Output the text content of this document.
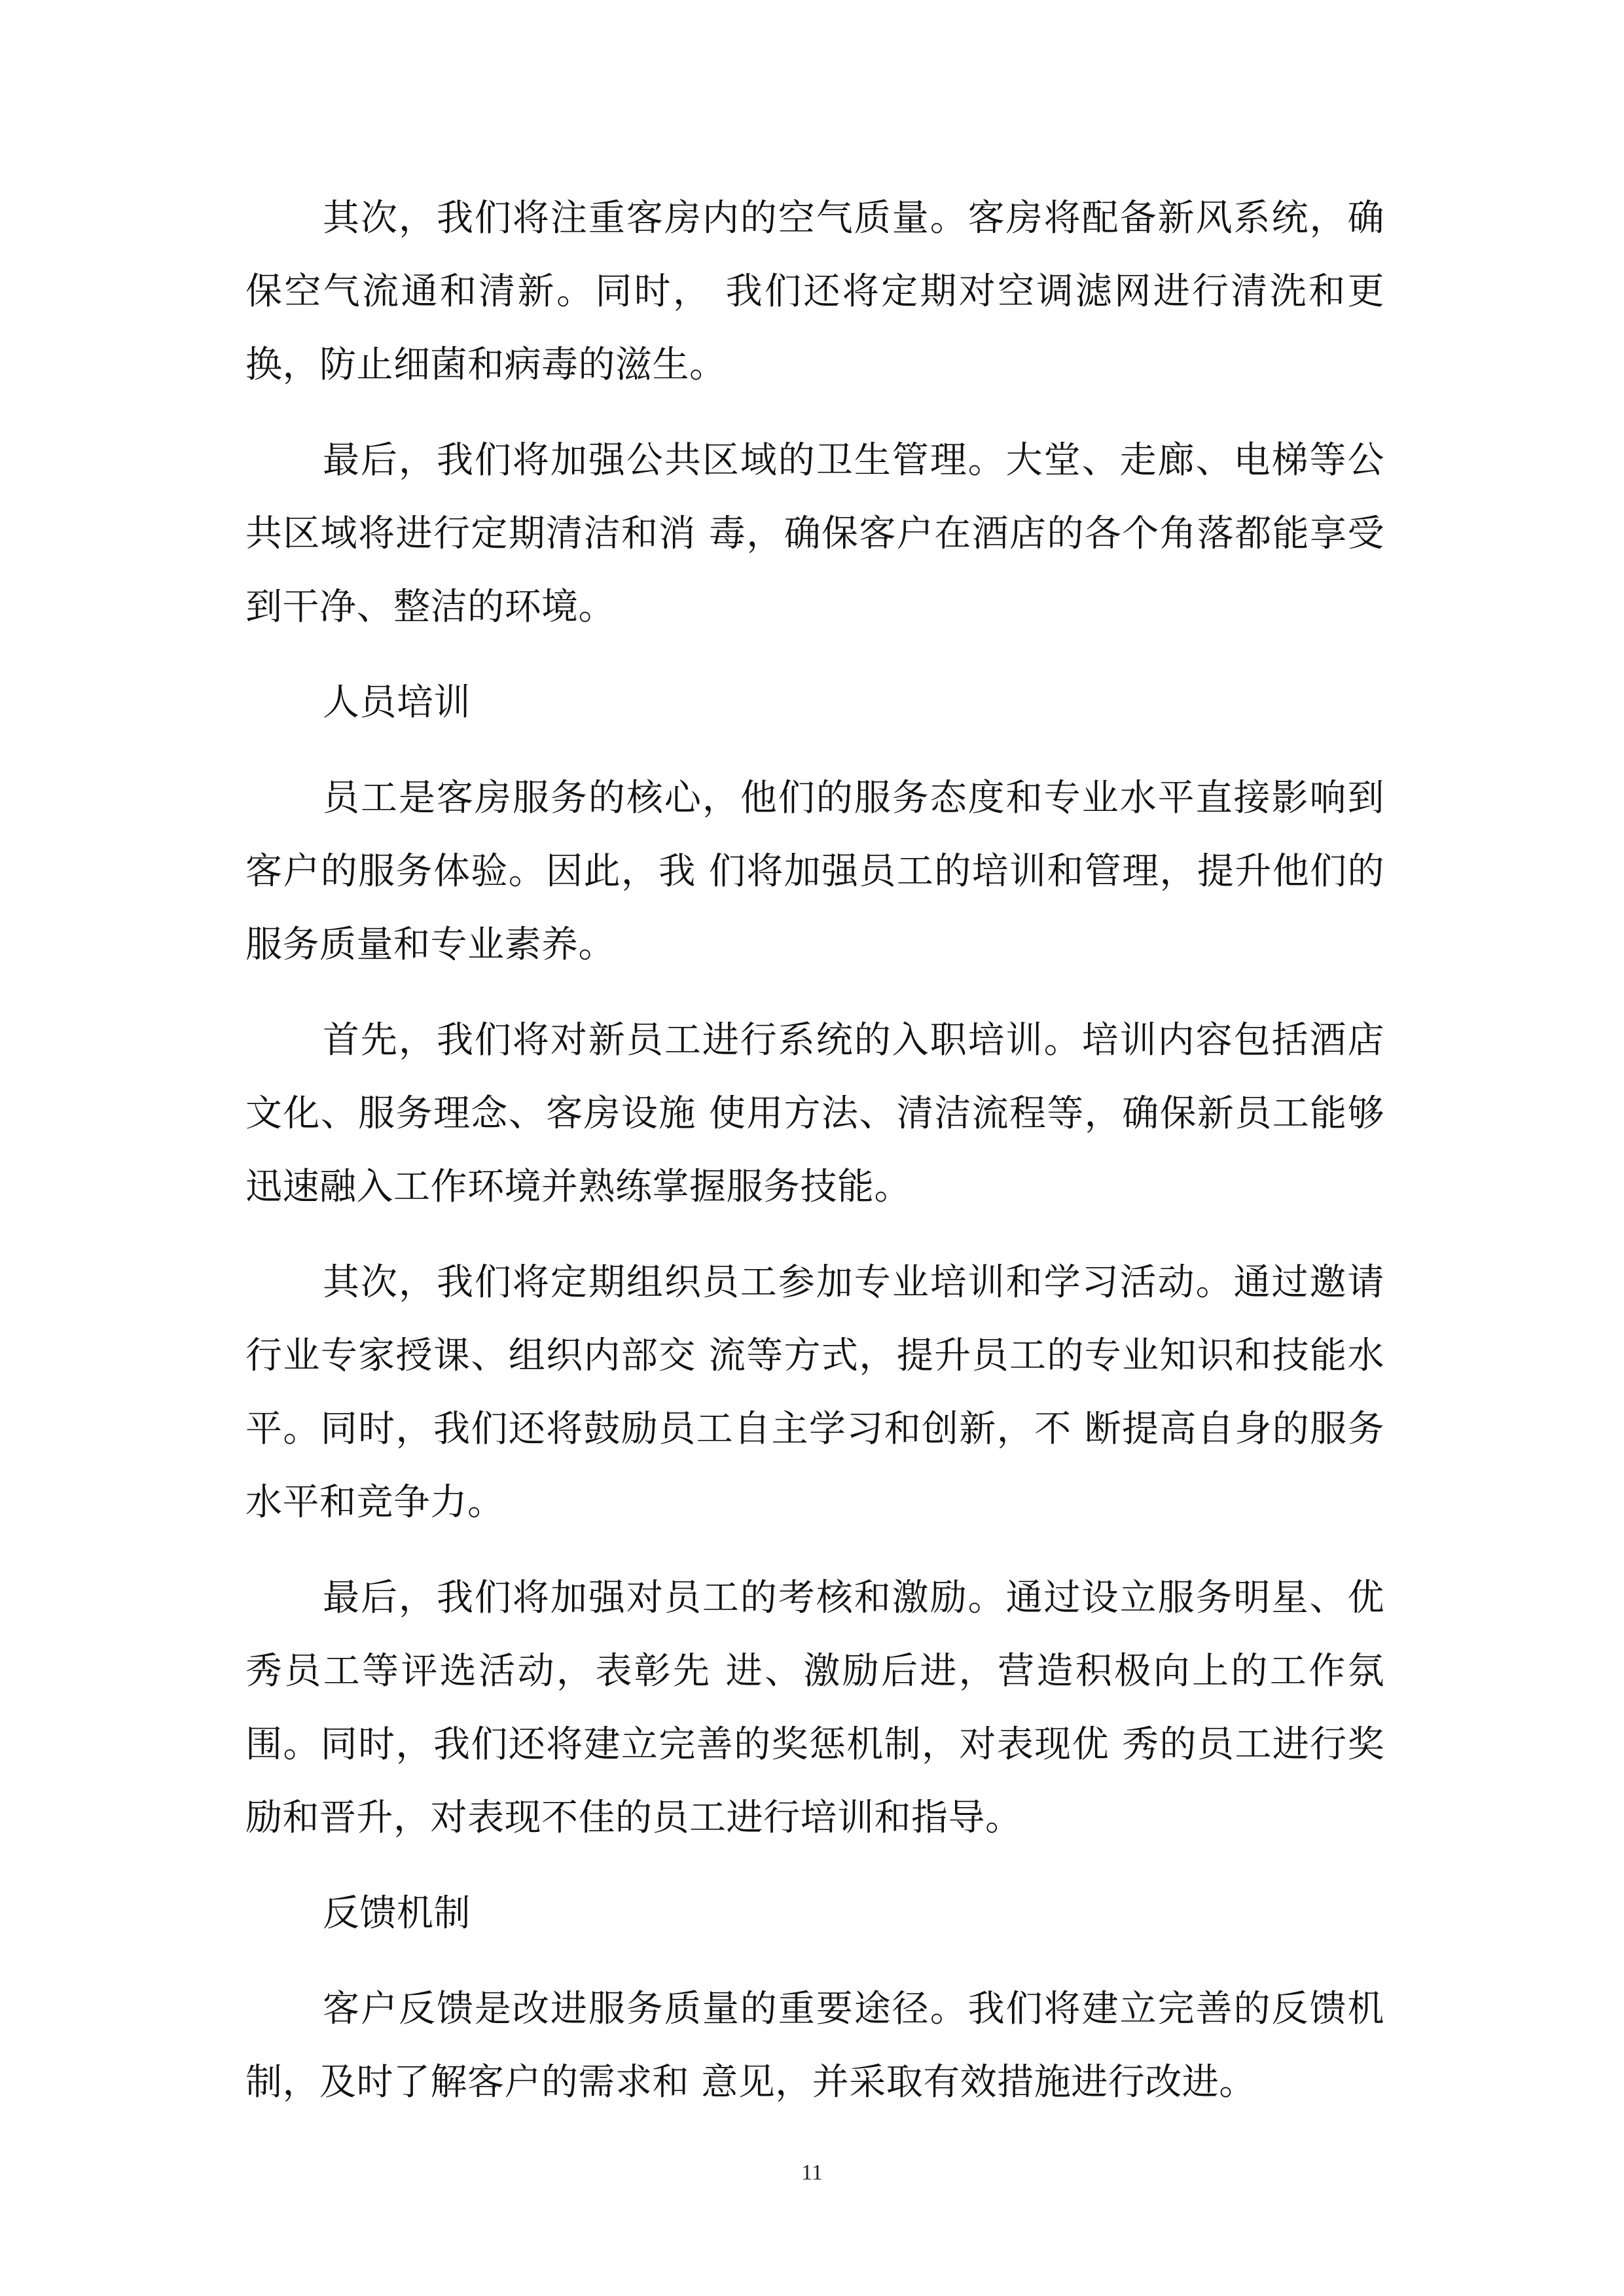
其次，我们将注重客房内的空气质量。客房将配备新风系统，确保空气流通和清新。同时， 我们还将定期对空调滤网进行清洗和更换，防止细菌和病毒的滋生。

最后，我们将加强公共区域的卫生管理。大堂、走廊、电梯等公共区域将进行定期清洁和消 毒，确保客户在酒店的各个角落都能享受到干净、整洁的环境。

人员培训

员工是客房服务的核心，他们的服务态度和专业水平直接影响到客户的服务体验。因此，我 们将加强员工的培训和管理，提升他们的服务质量和专业素养。

首先，我们将对新员工进行系统的入职培训。培训内容包括酒店文化、服务理念、客房设施 使用方法、清洁流程等，确保新员工能够迅速融入工作环境并熟练掌握服务技能。

其次，我们将定期组织员工参加专业培训和学习活动。通过邀请行业专家授课、组织内部交 流等方式，提升员工的专业知识和技能水平。同时，我们还将鼓励员工自主学习和创新，不 断提高自身的服务水平和竞争力。

最后，我们将加强对员工的考核和激励。通过设立服务明星、优秀员工等评选活动，表彰先 进、激励后进，营造积极向上的工作氛围。同时，我们还将建立完善的奖惩机制，对表现优 秀的员工进行奖励和晋升，对表现不佳的员工进行培训和指导。

反馈机制

客户反馈是改进服务质量的重要途径。我们将建立完善的反馈机制，及时了解客户的需求和 意见，并采取有效措施进行改进。

11
